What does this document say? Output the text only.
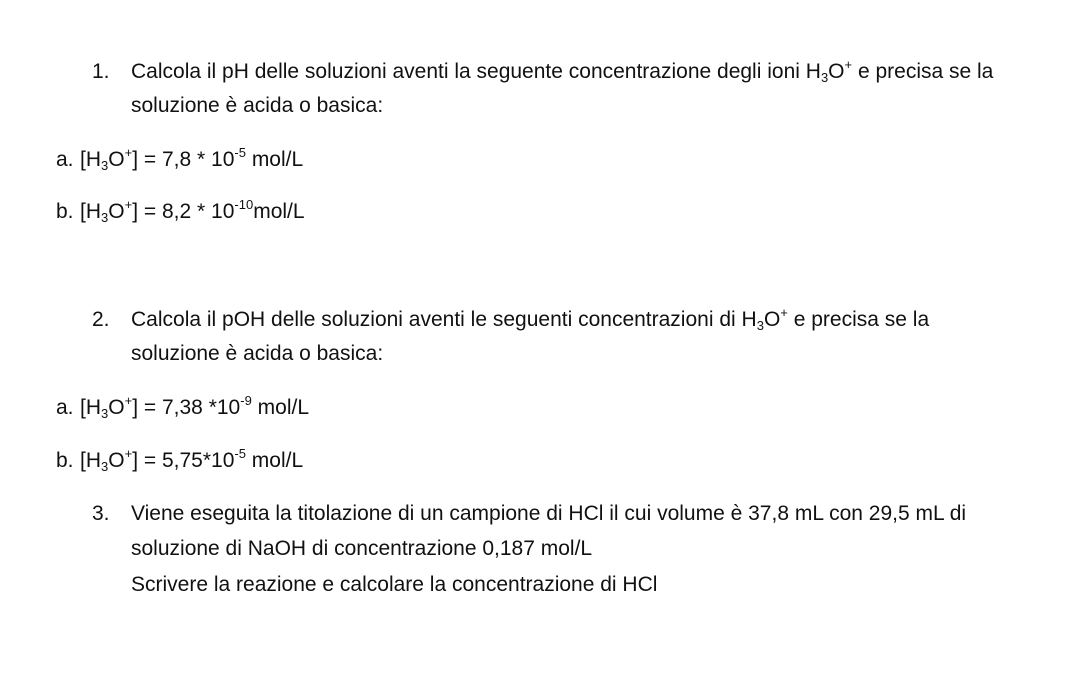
1. Calcola il pH delle soluzioni aventi la seguente concentrazione degli ioni $H_3O^+$ e precisa se la
soluzione è acida o basica:
a. $[H_3O^+] = 7,8 * 10^{-5}$ mol/L
b. $[H_3O^+] = 8,2 * 10^{-10}mol/L$
2. Calcola il pOH delle soluzioni aventi le seguenti concentrazioni di $H_3O^+$ e precisa se la
soluzione è acida o basica:
a. $[H_3O^+] = 7,38$ $*10^{-9}$ mol/L
b. $[H_3O^+] = 5,75*10^{-5}$ mol/L
3. Viene eseguita la titolazione di un campione di HCl il cui volume è 37,8 mL con 29,5 mL di
soluzione di NaOH di concentrazione 0,187 mol/L
Scrivere la reazione e calcolare la concentrazione di HCl
